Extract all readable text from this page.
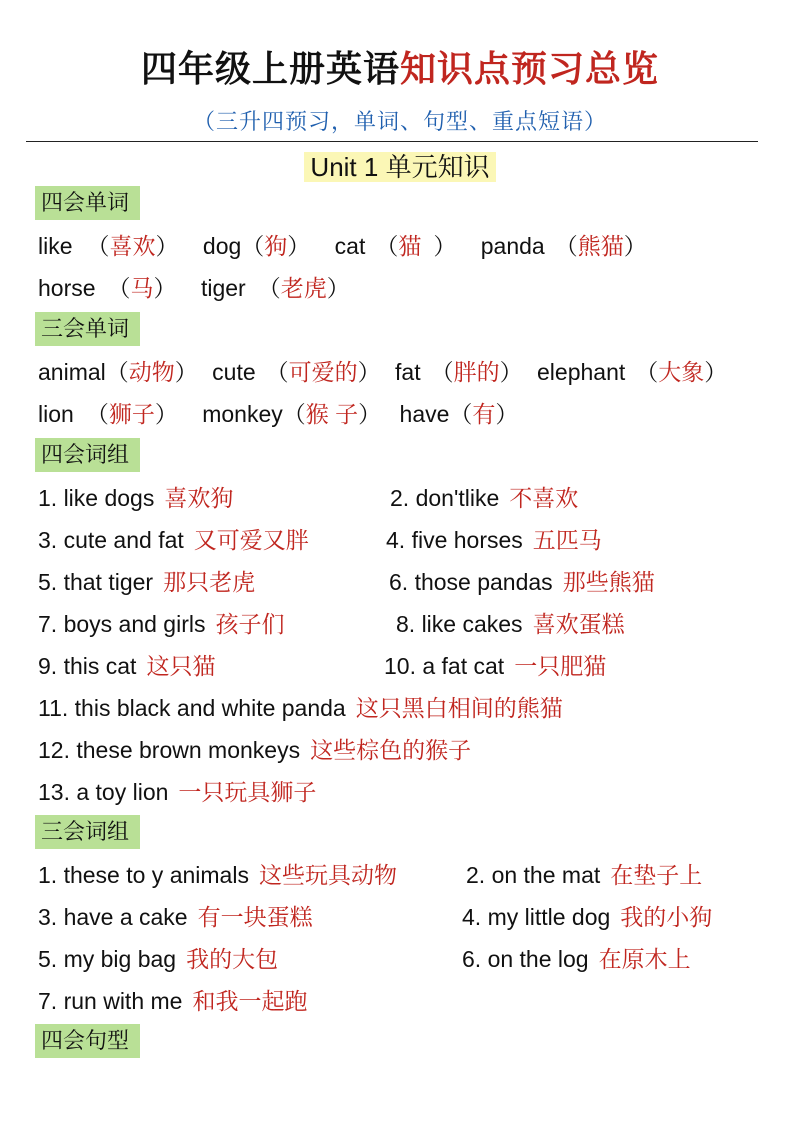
四年级上册英语知识点预习总览
（三升四预习，单词、句型、重点短语）
Unit 1 单元知识
四会单词
like （喜欢） dog（狗） cat （猫 ） panda （熊猫）
horse （马） tiger （老虎）
三会单词
animal（动物） cute （可爱的） fat （胖的） elephant （大象）
lion （狮子） monkey（猴 子） have（有）
四会词组
1. like dogs 喜欢狗	2. don'tlike 不喜欢
3. cute and fat 又可爱又胖	4. five horses 五匹马
5. that tiger 那只老虎	6. those pandas 那些熊猫
7. boys and girls 孩子们	8. like cakes 喜欢蛋糕
9. this cat 这只猫	10. a fat cat 一只肥猫
11. this black and white panda 这只黑白相间的熊猫
12. these brown monkeys 这些棕色的猴子
13. a toy lion 一只玩具狮子
三会词组
1. these to y animals 这些玩具动物	2. on the mat 在垫子上
3. have a cake 有一块蛋糕	4. my little dog 我的小狗
5. my big bag 我的大包	6. on the log 在原木上
7. run with me 和我一起跑
四会句型
